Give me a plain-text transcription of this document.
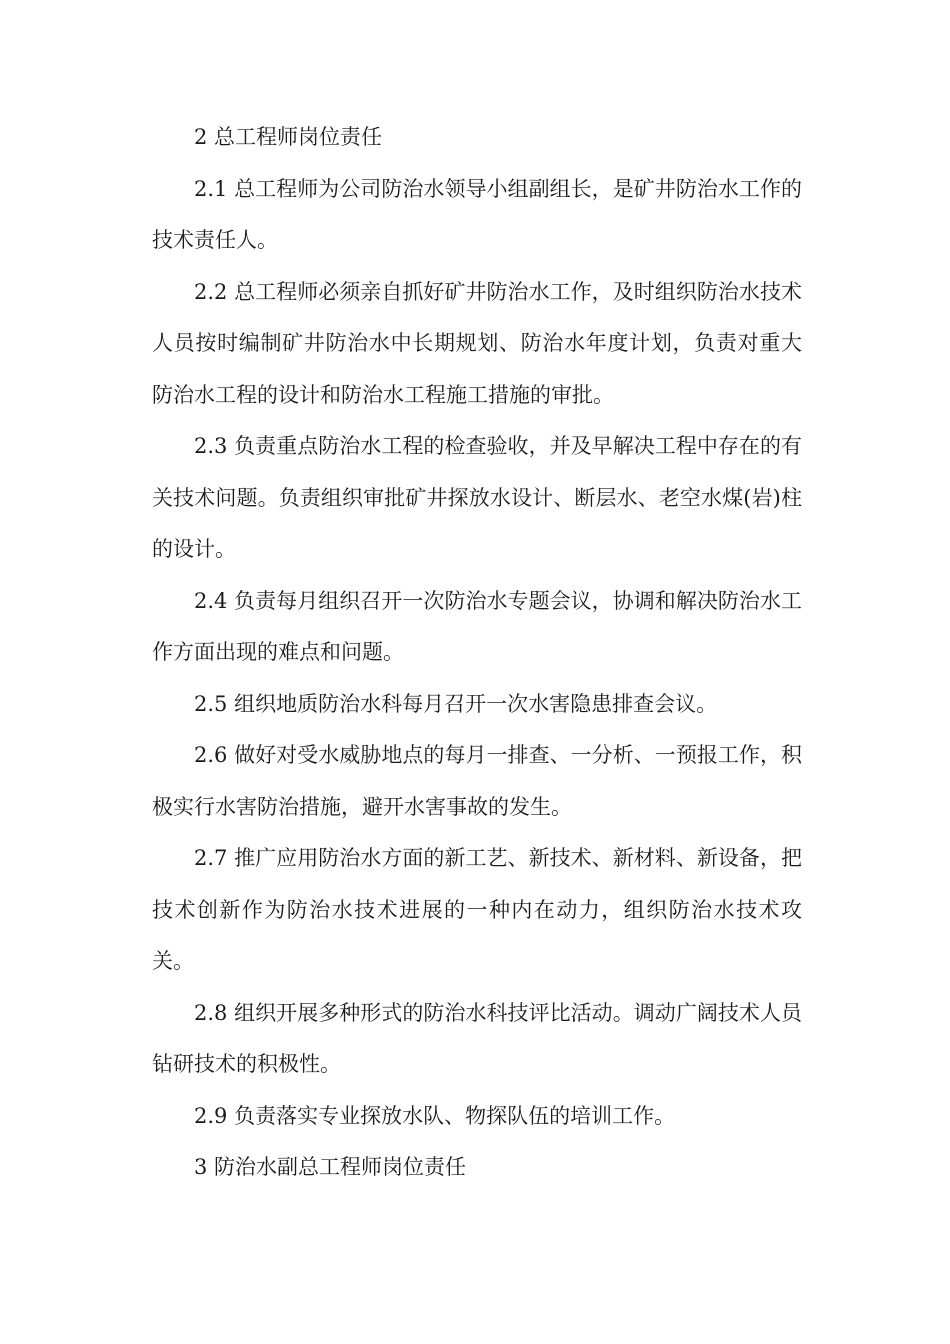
2 总工程师岗位责任

2.1 总工程师为公司防治水领导小组副组长，是矿井防治水工作的技术责任人。

2.2 总工程师必须亲自抓好矿井防治水工作，及时组织防治水技术人员按时编制矿井防治水中长期规划、防治水年度计划，负责对重大防治水工程的设计和防治水工程施工措施的审批。

2.3 负责重点防治水工程的检查验收，并及早解决工程中存在的有关技术问题。负责组织审批矿井探放水设计、断层水、老空水煤(岩)柱的设计。

2.4 负责每月组织召开一次防治水专题会议，协调和解决防治水工作方面出现的难点和问题。

2.5 组织地质防治水科每月召开一次水害隐患排查会议。

2.6 做好对受水威胁地点的每月一排查、一分析、一预报工作，积极实行水害防治措施，避开水害事故的发生。

2.7 推广应用防治水方面的新工艺、新技术、新材料、新设备，把技术创新作为防治水技术进展的一种内在动力，组织防治水技术攻关。

2.8 组织开展多种形式的防治水科技评比活动。调动广阔技术人员钻研技术的积极性。

2.9 负责落实专业探放水队、物探队伍的培训工作。

3 防治水副总工程师岗位责任
